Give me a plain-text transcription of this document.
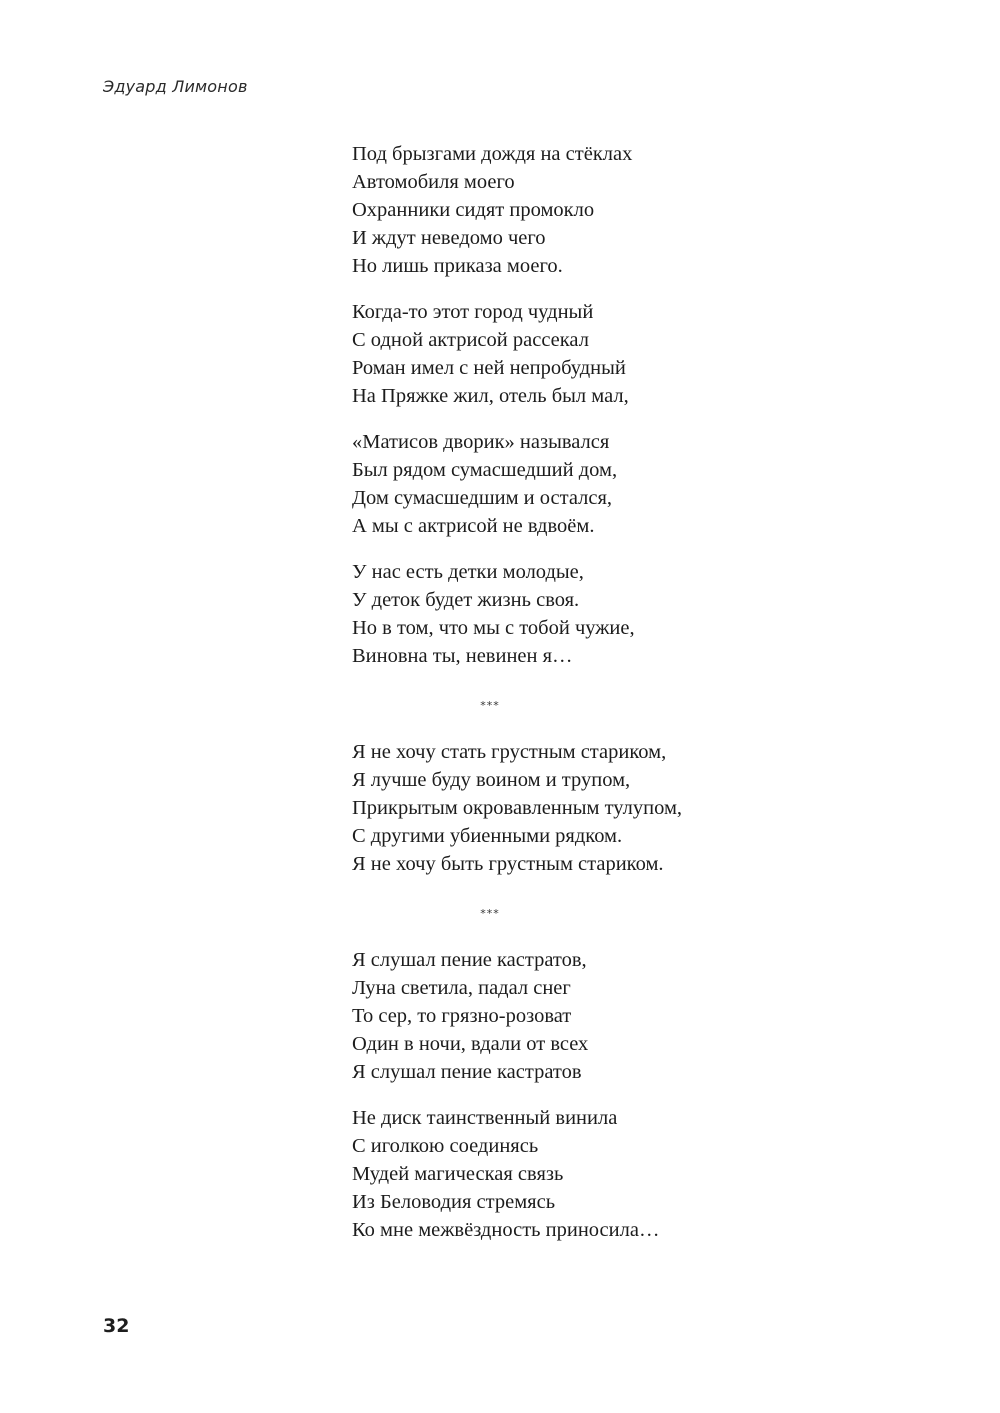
Эдуард Лимонов
Под брызгами дождя на стёклах
Автомобиля моего
Охранники сидят промокло
И ждут неведомо чего
Но лишь приказа моего.
Когда-то этот город чудный
С одной актрисой рассекал
Роман имел с ней непробудный
На Пряжке жил, отель был мал,
«Матисов дворик» назывался
Был рядом сумасшедший дом,
Дом сумасшедшим и остался,
А мы с актрисой не вдвоём.
У нас есть детки молодые,
У деток будет жизнь своя.
Но в том, что мы с тобой чужие,
Виновна ты, невинен я…
***
Я не хочу стать грустным стариком,
Я лучше буду воином и трупом,
Прикрытым окровавленным тулупом,
С другими убиенными рядком.
Я не хочу быть грустным стариком.
***
Я слушал пение кастратов,
Луна светила, падал снег
То сер, то грязно-розоват
Один в ночи, вдали от всех
Я слушал пение кастратов
Не диск таинственный винила
С иголкою соединясь
Мудей магическая связь
Из Беловодия стремясь
Ко мне межвёздность приносила…
32
